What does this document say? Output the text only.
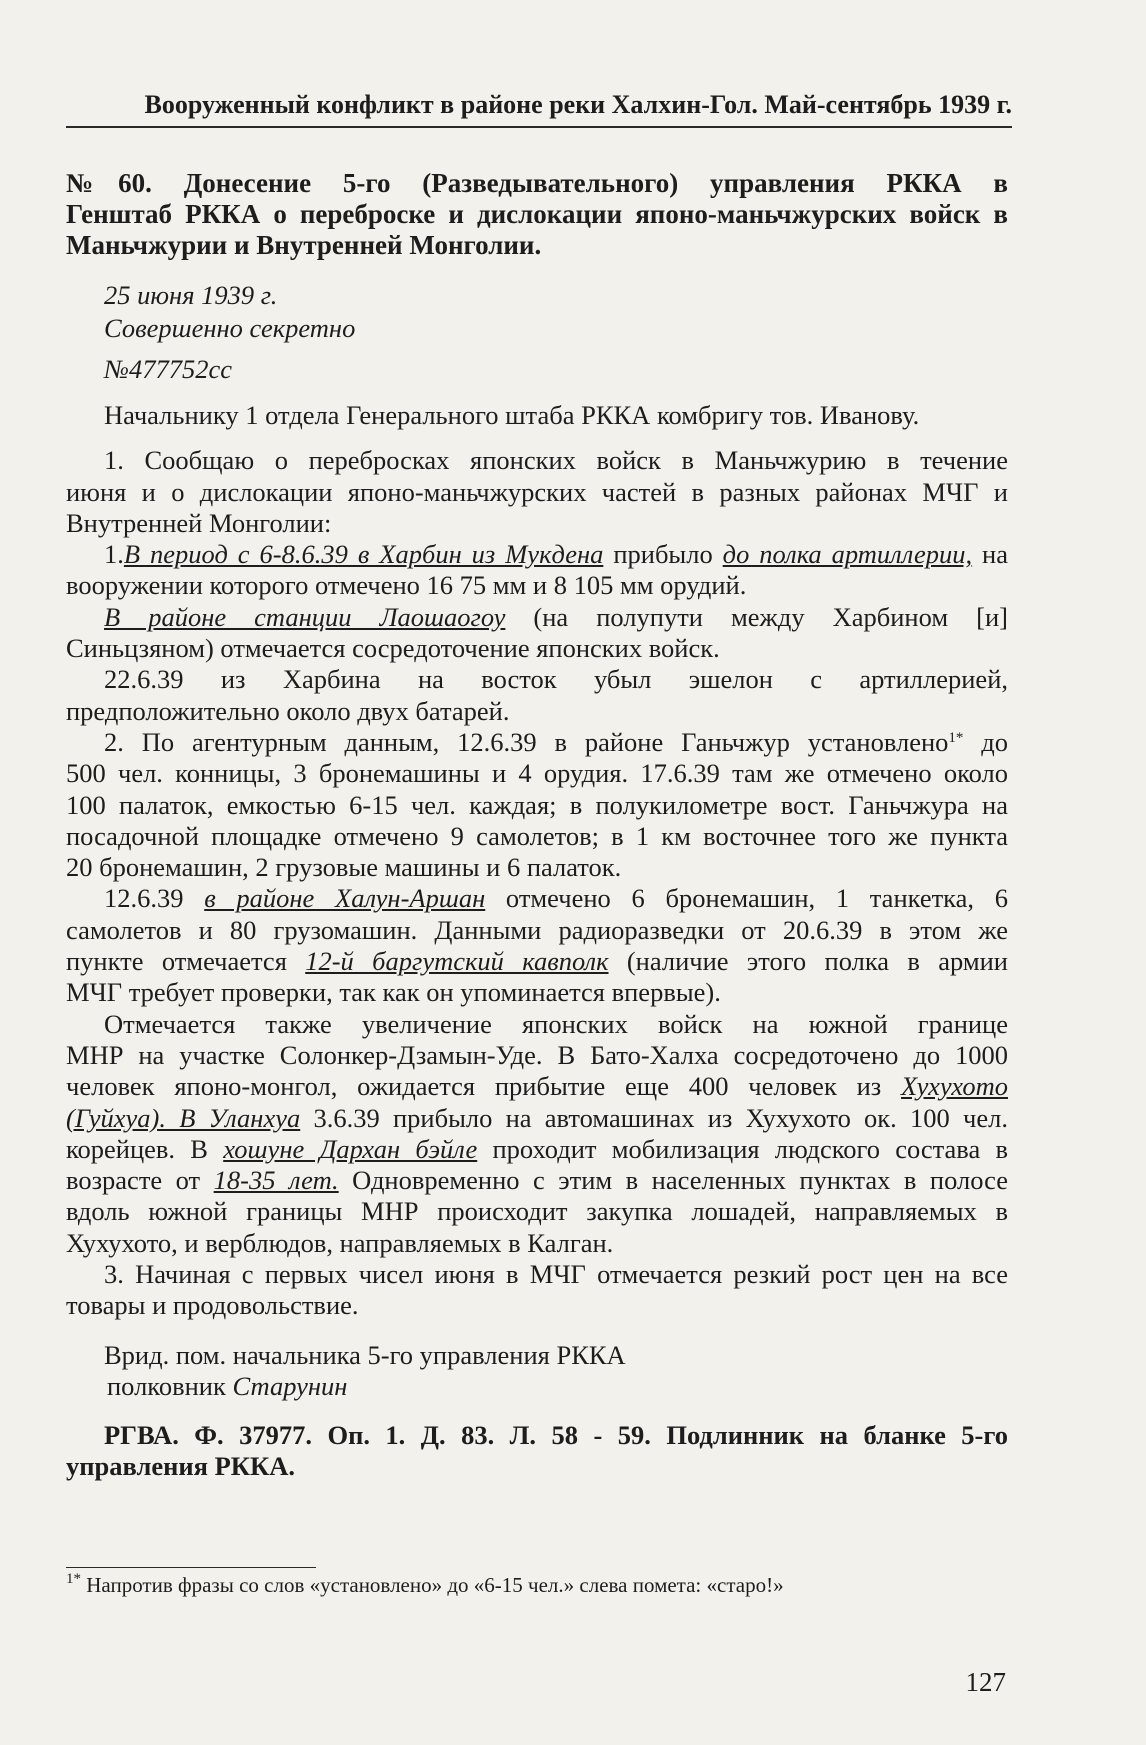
Вооруженный конфликт в районе реки Халхин-Гол. Май-сентябрь 1939 г.

№60. Донесение 5-го (Разведывательного) управления РККА в

Генштаб РККА о переброске и дислокации японо-маньчжурских войск в

Маньчжурии и Внутренней Монголии.

25 июня 1939 г.

Совершенно секретно

№477752сс

Начальнику 1 отдела Генерального штаба РККА комбригу тов. Иванову.

1. Сообщаю о перебросках японских войск в Маньчжурию в течение

июня и о дислокации японо-маньчжурских частей в разных районах МЧГ и

Внутренней Монголии:

1.В период с 6-8.6.39 в Харбин из Мукдена прибыло до полка артиллерии, на

вооружении которого отмечено 16 75 мм и 8 105 мм орудий.

В районе станции Лаошаогоу (на полупути между Харбином [и]

Синьцзяном) отмечается сосредоточение японских войск.

22.6.39 из Харбина на восток убыл эшелон с артиллерией,

предположительно около двух батарей.

2. По агентурным данным, 12.6.39 в районе Ганьчжур установлено$^{1*}$ до

500 чел. конницы, 3 бронемашины и 4 орудия. 17.6.39 там же отмечено около

100 палаток, емкостью 6-15 чел. каждая; в полукилометре вост. Ганьчжура на

посадочной площадке отмечено 9 самолетов; в 1 км восточнее того же пункта

20 бронемашин, 2 грузовые машины и 6 палаток.

12.6.39 в районе Халун-Аршан отмечено 6 бронемашин, 1 танкетка, 6

самолетов и 80 грузомашин. Данными радиоразведки от 20.6.39 в этом же

пункте отмечается 12-й баргутский кавполк (наличие этого полка в армии

МЧГ требует проверки, так как он упоминается впервые).

Отмечается также увеличение японских войск на южной границе

МНР на участке Солонкер-Дзамын-Уде. В Бато-Халха сосредоточено до 1000

человек японо-монгол, ожидается прибытие еще 400 человек из Хухухото

(Гуйхуа). В Уланхуа 3.6.39 прибыло на автомашинах из Хухухото ок. 100 чел.

корейцев. В хошуне Дархан бэйле проходит мобилизация людского состава в

возрасте от 18-35 лет. Одновременно с этим в населенных пунктах в полосе

вдоль южной границы МНР происходит закупка лошадей, направляемых в

Хухухото, и верблюдов, направляемых в Калган.

3. Начиная с первых чисел июня в МЧГ отмечается резкий рост цен на все

товары и продовольствие.

Врид. пом. начальника 5-го управления РККА

полковник Старунин

РГВА. Ф. 37977. Оп. 1. Д. 83. Л. 58 - 59. Подлинник на бланке 5-го

управления РККА.

$^{1*}$ Напротив фразы со слов «установлено» до «6-15 чел.» слева помета: «старо!»
127
